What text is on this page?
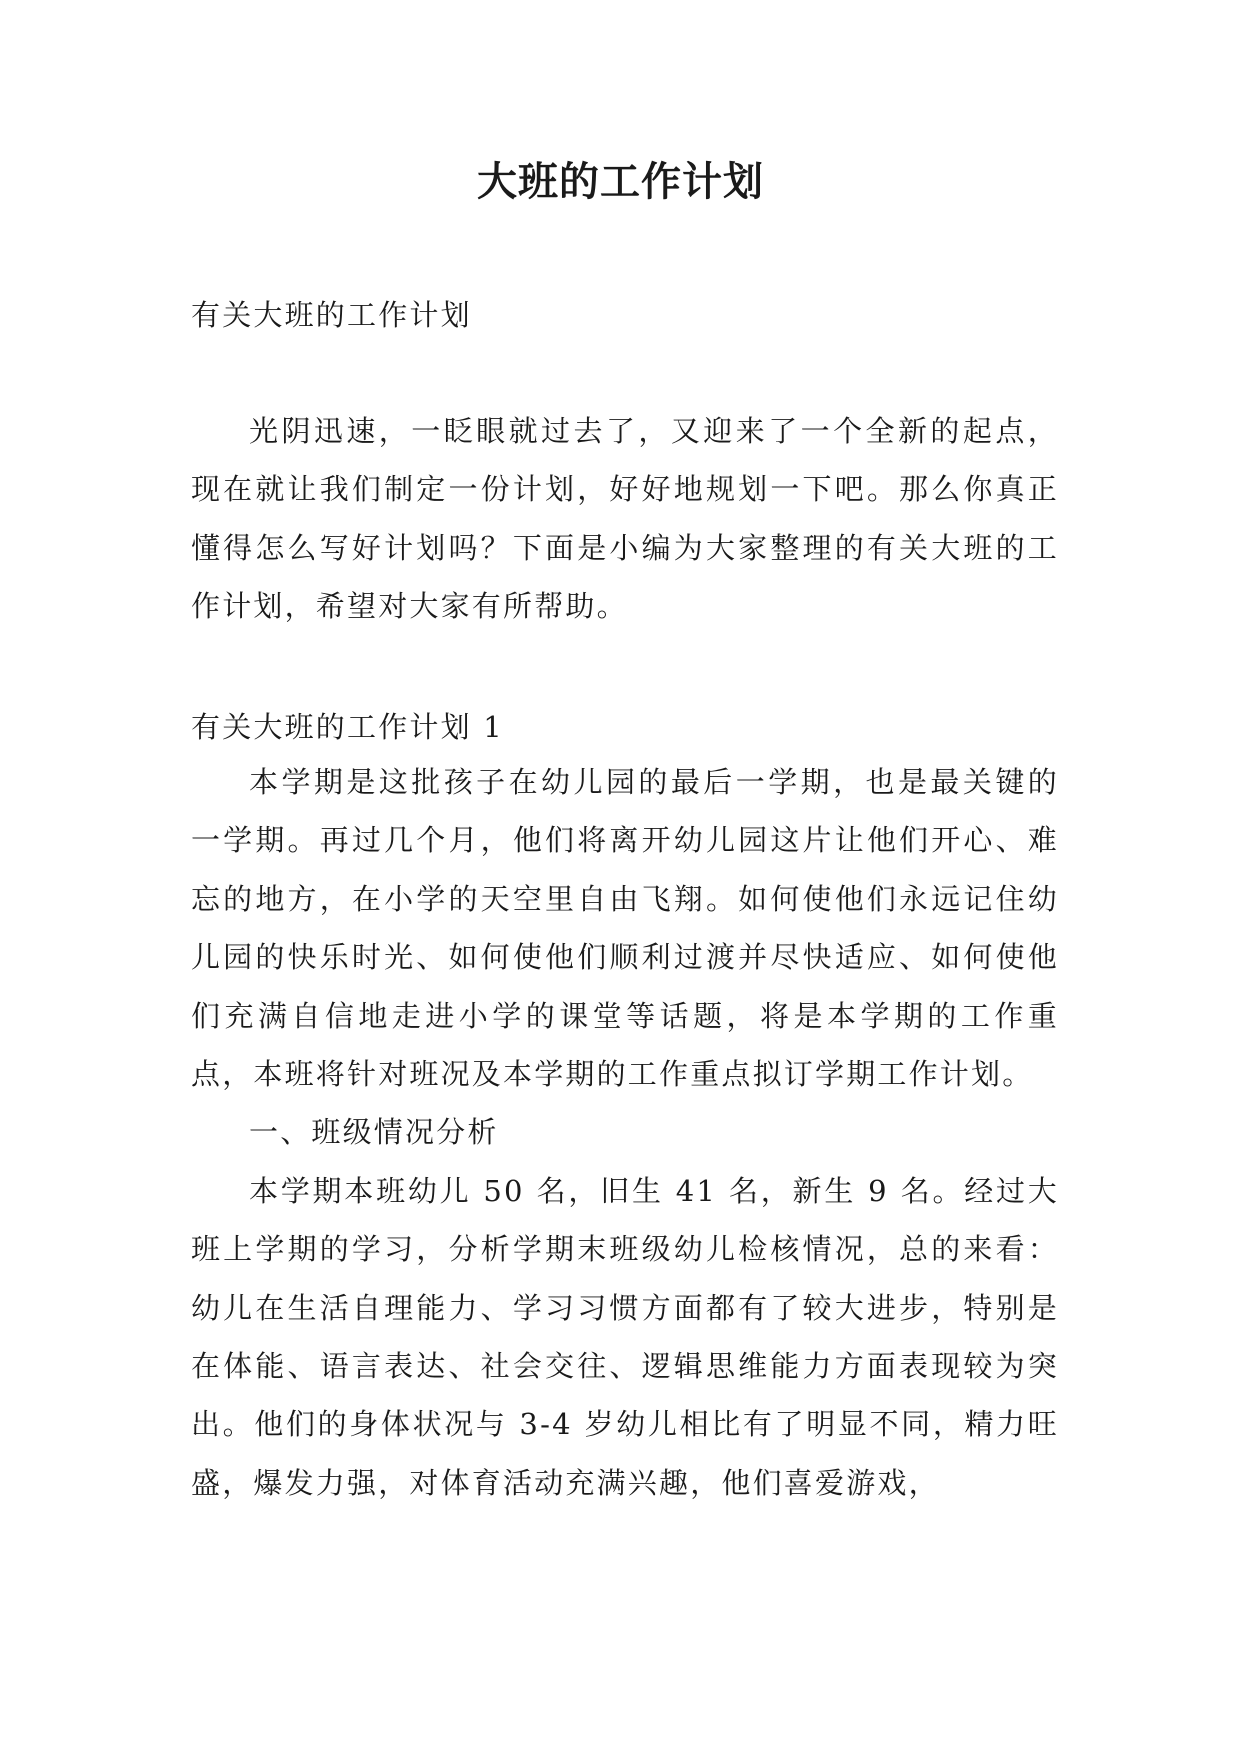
大班的工作计划
有关大班的工作计划

光阴迅速，一眨眼就过去了，又迎来了一个全新的起点，现在就让我们制定一份计划，好好地规划一下吧。那么你真正懂得怎么写好计划吗？下面是小编为大家整理的有关大班的工作计划，希望对大家有所帮助。

有关大班的工作计划 1

本学期是这批孩子在幼儿园的最后一学期，也是最关键的一学期。再过几个月，他们将离开幼儿园这片让他们开心、难忘的地方，在小学的天空里自由飞翔。如何使他们永远记住幼儿园的快乐时光、如何使他们顺利过渡并尽快适应、如何使他们充满自信地走进小学的课堂等话题，将是本学期的工作重点，本班将针对班况及本学期的工作重点拟订学期工作计划。

一、班级情况分析

本学期本班幼儿 50 名，旧生 41 名，新生 9 名。经过大班上学期的学习，分析学期末班级幼儿检核情况，总的来看：幼儿在生活自理能力、学习习惯方面都有了较大进步，特别是在体能、语言表达、社会交往、逻辑思维能力方面表现较为突出。他们的身体状况与 3-4 岁幼儿相比有了明显不同，精力旺盛，爆发力强，对体育活动充满兴趣，他们喜爱游戏，
